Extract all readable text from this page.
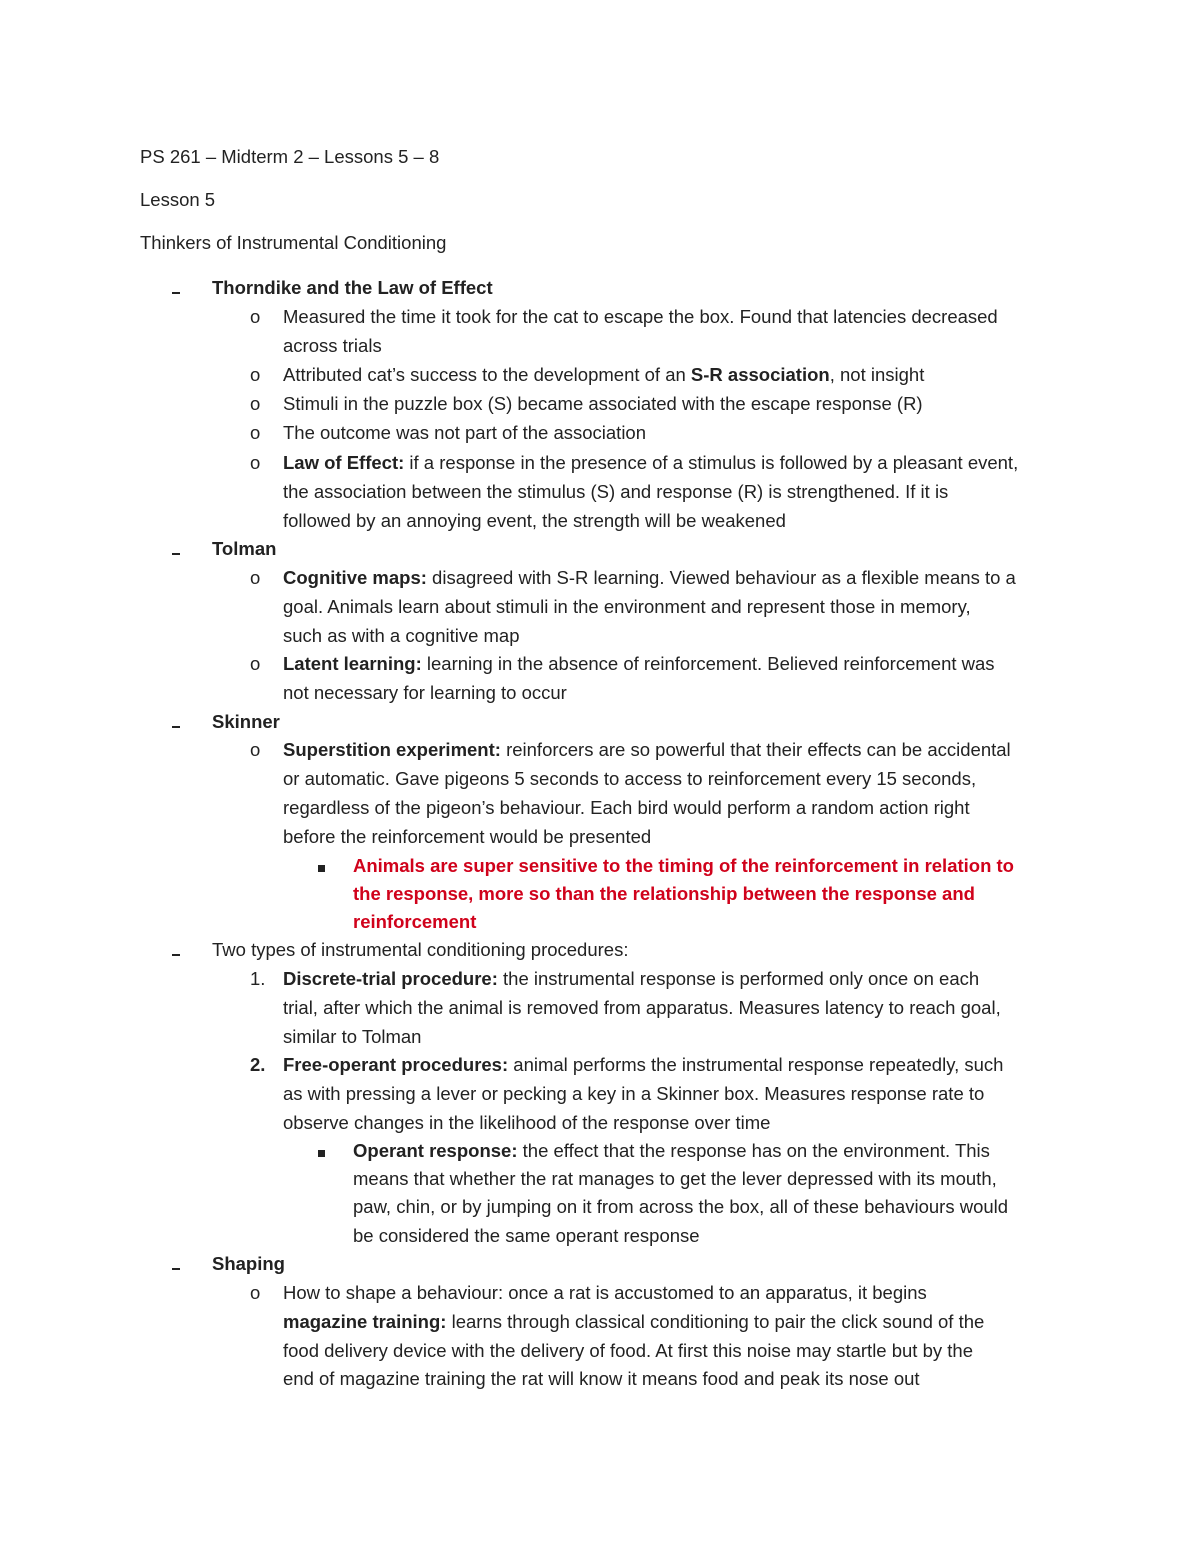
PS 261 – Midterm 2 – Lessons 5 – 8
Lesson 5
Thinkers of Instrumental Conditioning
Thorndike and the Law of Effect
o Measured the time it took for the cat to escape the box. Found that latencies decreased
across trials
o Attributed cat’s success to the development of an S-R association, not insight
o Stimuli in the puzzle box (S) became associated with the escape response (R)
o The outcome was not part of the association
o Law of Effect: if a response in the presence of a stimulus is followed by a pleasant event,
the association between the stimulus (S) and response (R) is strengthened. If it is
followed by an annoying event, the strength will be weakened
Tolman
o Cognitive maps: disagreed with S-R learning. Viewed behaviour as a flexible means to a
goal. Animals learn about stimuli in the environment and represent those in memory,
such as with a cognitive map
o Latent learning: learning in the absence of reinforcement. Believed reinforcement was
not necessary for learning to occur
Skinner
o Superstition experiment: reinforcers are so powerful that their effects can be accidental
or automatic. Gave pigeons 5 seconds to access to reinforcement every 15 seconds,
regardless of the pigeon’s behaviour. Each bird would perform a random action right
before the reinforcement would be presented
Animals are super sensitive to the timing of the reinforcement in relation to
the response, more so than the relationship between the response and
reinforcement
Two types of instrumental conditioning procedures:
1. Discrete-trial procedure: the instrumental response is performed only once on each
trial, after which the animal is removed from apparatus. Measures latency to reach goal,
similar to Tolman
2. Free-operant procedures: animal performs the instrumental response repeatedly, such
as with pressing a lever or pecking a key in a Skinner box. Measures response rate to
observe changes in the likelihood of the response over time
Operant response: the effect that the response has on the environment. This
means that whether the rat manages to get the lever depressed with its mouth,
paw, chin, or by jumping on it from across the box, all of these behaviours would
be considered the same operant response
Shaping
o How to shape a behaviour: once a rat is accustomed to an apparatus, it begins
magazine training: learns through classical conditioning to pair the click sound of the
food delivery device with the delivery of food. At first this noise may startle but by the
end of magazine training the rat will know it means food and peak its nose out
